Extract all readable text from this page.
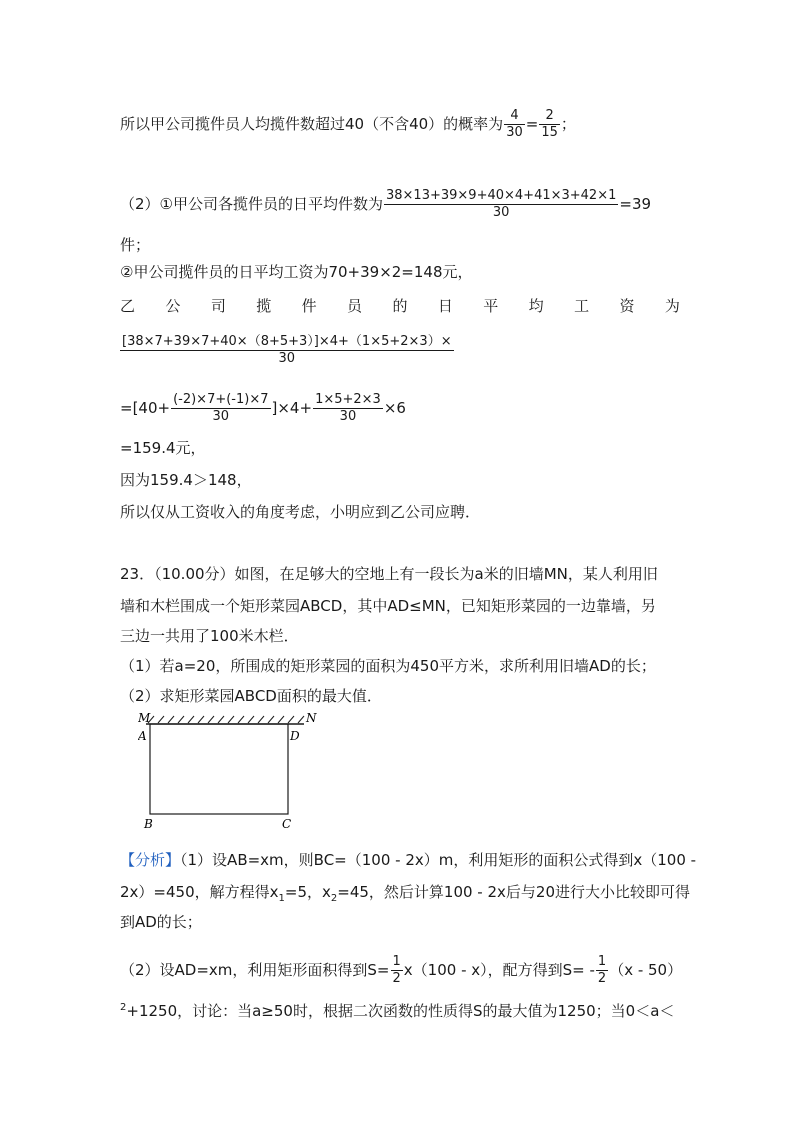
所以甲公司揽件员人均揽件数超过40（不含40）的概率为 $\frac{4}{30} = \frac{2}{15}$ ；
（2）①甲公司各揽件员的日平均件数为 $\frac{38\times 13+39\times 9+40\times 4+41\times 3+42\times 1}{30} =39$
件；
②甲公司揽件员的日平均工资为70+39×2=148元，
乙 公 司 揽 件 员 的 日 平 均 工 资 为
$\frac{[38\times 7+39\times 7+40\times(8+5+3)]\times 4+(1\times 5+2\times 3)\times}{30}$
$=[40+ \frac{(-2)\times 7+(-1)\times 7}{30} ]\times 4+ \frac{1\times 5+2\times 3}{30} \times 6$
=159.4元，
因为159.4＞148，
所以仅从工资收入的角度考虑，小明应到乙公司应聘．
23．（10.00分）如图，在足够大的空地上有一段长为a米的旧墙MN，某人利用旧
墙和木栏围成一个矩形菜园ABCD，其中AD≤MN，已知矩形菜园的一边靠墙，另
三边一共用了100米木栏．
（1）若a=20，所围成的矩形菜园的面积为450平方米，求所利用旧墙AD的长；
（2）求矩形菜园ABCD面积的最大值．
M	N
A	D
B	C
【分析】（1）设AB=xm，则BC=（100 - 2x）m，利用矩形的面积公式得到x（100 -
2x）=450，解方程得$x_1=5$，$x_2=45$，然后计算100 - 2x后与20进行大小比较即可得
到AD的长；
（2）设AD=xm，利用矩形面积得到$S= \frac{1}{2} x(100 - x)$，配方得到$S= - \frac{1}{2} (x - 50)$
$^2$+1250，讨论：当a≥50时，根据二次函数的性质得S的最大值为1250；当0＜a＜
